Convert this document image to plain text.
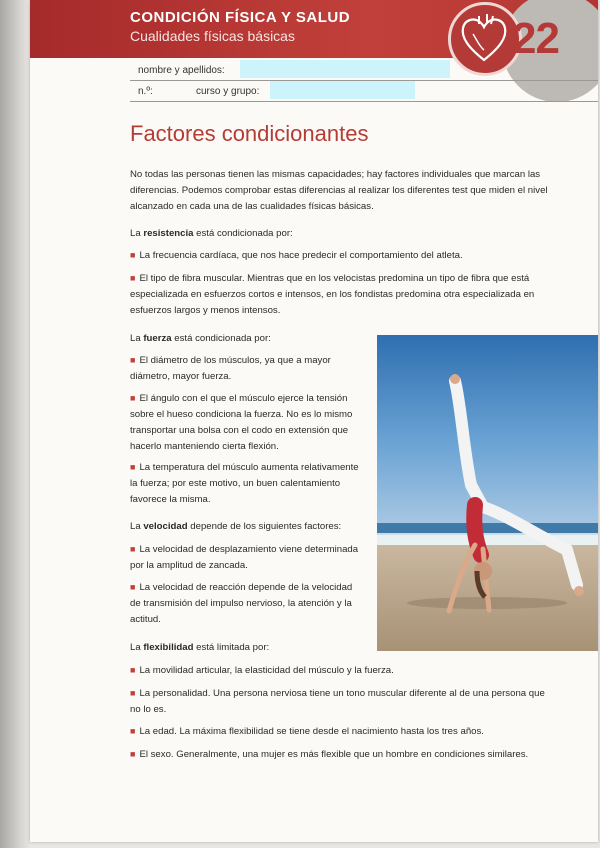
CONDICIÓN FÍSICA Y SALUD
Cualidades físicas básicas	22
nombre y apellidos:
n.º:	curso y grupo:
Factores condicionantes
No todas las personas tienen las mismas capacidades; hay factores individuales que marcan las diferencias. Podemos comprobar estas diferencias al realizar los diferentes test que miden el nivel alcanzado en cada una de las cualidades físicas básicas.
La resistencia está condicionada por:
■ La frecuencia cardíaca, que nos hace predecir el comportamiento del atleta.
■ El tipo de fibra muscular. Mientras que en los velocistas predomina un tipo de fibra que está especializada en esfuerzos cortos e intensos, en los fondistas predomina otra especializada en esfuerzos largos y menos intensos.
La fuerza está condicionada por:
■ El diámetro de los músculos, ya que a mayor diámetro, mayor fuerza.
■ El ángulo con el que el músculo ejerce la tensión sobre el hueso condiciona la fuerza. No es lo mismo transportar una bolsa con el codo en extensión que hacerlo manteniendo cierta flexión.
■ La temperatura del músculo aumenta relativamente la fuerza; por este motivo, un buen calentamiento favorece la misma.
La velocidad depende de los siguientes factores:
■ La velocidad de desplazamiento viene determinada por la amplitud de zancada.
■ La velocidad de reacción depende de la velocidad de transmisión del impulso nervioso, la atención y la actitud.
La flexibilidad está limitada por:
■ La movilidad articular, la elasticidad del músculo y la fuerza.
■ La personalidad. Una persona nerviosa tiene un tono muscular diferente al de una persona que no lo es.
■ La edad. La máxima flexibilidad se tiene desde el nacimiento hasta los tres años.
■ El sexo. Generalmente, una mujer es más flexible que un hombre en condiciones similares.
